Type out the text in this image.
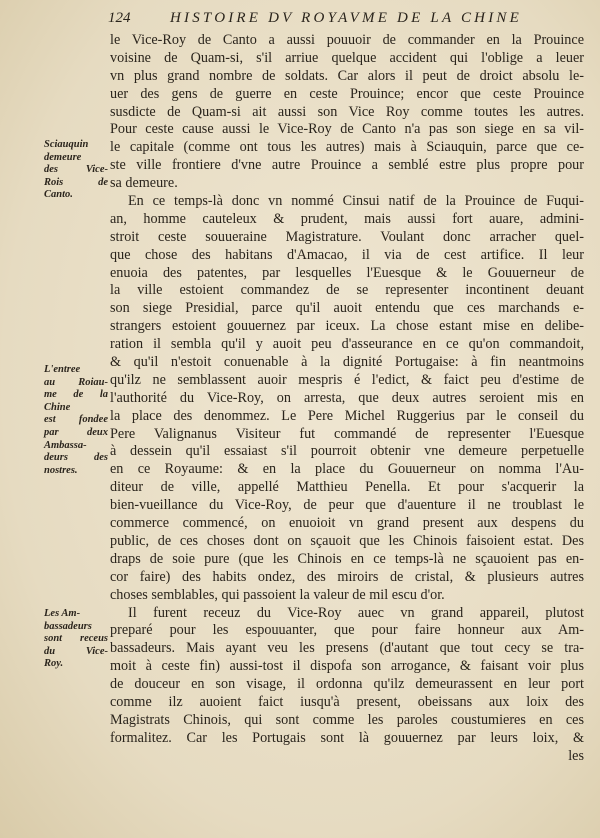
124	HISTOIRE DV ROYAVME DE LA CHINE
le Vice-Roy de Canto a aussi pouuoir de commander en la Prouince
voisine de Quam-si, s'il arriue quelque accident qui l'oblige a leuer
vn plus grand nombre de soldats. Car alors il peut de droict absolu le-
uer des gens de guerre en ceste Prouince; encor que ceste Prouince
susdicte de Quam-si ait aussi son Vice Roy comme toutes les autres.
Pour ceste cause aussi le Vice-Roy de Canto n'a pas son siege en sa vil-
le capitale (comme ont tous les autres) mais à Sciauquin, parce que ce-
ste ville frontiere d'vne autre Prouince a semblé estre plus propre pour
sa demeure.
En ce temps-là donc vn nommé Cinsui natif de la Prouince de Fuqui-
an, homme cauteleux & prudent, mais aussi fort auare, admini-
stroit ceste souueraine Magistrature. Voulant donc arracher quel-
que chose des habitans d'Amacao, il via de cest artifice. Il leur
enuoia des patentes, par lesquelles l'Euesque & le Gouuerneur de
la ville estoient commandez de se representer incontinent deuant
son siege Presidial, parce qu'il auoit entendu que ces marchands e-
strangers estoient gouuernez par iceux. La chose estant mise en delibe-
ration il sembla qu'il y auoit peu d'asseurance en ce qu'on commandoit,
& qu'il n'estoit conuenable à la dignité Portugaise: à fin neantmoins
qu'ilz ne semblassent auoir mespris é l'edict, & faict peu d'estime de
l'authorité du Vice-Roy, on arresta, que deux autres seroient mis en
la place des denommez. Le Pere Michel Ruggerius par le conseil du
Pere Valignanus Visiteur fut commandé de representer l'Euesque
à dessein qu'il essaiast s'il pourroit obtenir vne demeure perpetuelle
en ce Royaume: & en la place du Gouuerneur on nomma l'Au-
diteur de ville, appellé Matthieu Penella. Et pour s'acquerir la
bien-vueillance du Vice-Roy, de peur que d'auenture il ne troublast le
commerce commencé, on enuoioit vn grand present aux despens du
public, de ces choses dont on sçauoit que les Chinois faisoient estat. Des
draps de soie pure (que les Chinois en ce temps-là ne sçauoient pas en-
cor faire) des habits ondez, des miroirs de cristal, & plusieurs autres
choses semblables, qui passoient la valeur de mil escu d'or.
Il furent receuz du Vice-Roy auec vn grand appareil, plutost
preparé pour les espouuanter, que pour faire honneur aux Am-
bassadeurs. Mais ayant veu les presens (d'autant que tout cecy se tra-
moit à ceste fin) aussi-tost il dispofa son arrogance, & faisant voir plus
de douceur en son visage, il ordonna qu'ilz demeurassent en leur port
comme ilz auoient faict iusqu'à present, obeissans aux loix des
Magistrats Chinois, qui sont comme les paroles coustumieres en ces
formalitez. Car les Portugais sont là gouuernez par leurs loix, &
les
Sciauquin
demeure
des Vice-
Rois de
Canto.
L'entree
au Roiau-
me de la
Chine
est fondee
par deux
Ambassa-
deurs des
nostres.
Les Am-
bassadeurs
sont receus
du Vice-
Roy.
